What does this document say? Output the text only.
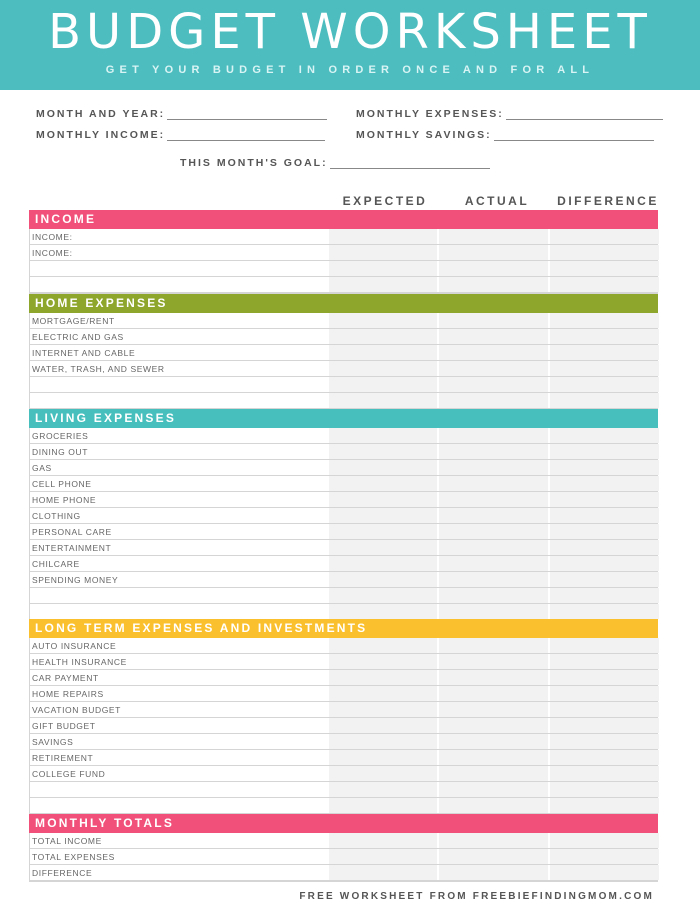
BUDGET WORKSHEET
GET YOUR BUDGET IN ORDER ONCE AND FOR ALL
MONTH AND YEAR:
MONTHLY INCOME:
MONTHLY EXPENSES:
MONTHLY SAVINGS:
THIS MONTH'S GOAL:
EXPECTED	ACTUAL	DIFFERENCE
INCOME
INCOME:
INCOME:
HOME EXPENSES
MORTGAGE/RENT
ELECTRIC AND GAS
INTERNET AND CABLE
WATER, TRASH, AND SEWER
LIVING EXPENSES
GROCERIES
DINING OUT
GAS
CELL PHONE
HOME PHONE
CLOTHING
PERSONAL CARE
ENTERTAINMENT
CHILCARE
SPENDING MONEY
LONG TERM EXPENSES AND INVESTMENTS
AUTO INSURANCE
HEALTH INSURANCE
CAR PAYMENT
HOME REPAIRS
VACATION BUDGET
GIFT BUDGET
SAVINGS
RETIREMENT
COLLEGE FUND
MONTHLY TOTALS
TOTAL INCOME
TOTAL EXPENSES
DIFFERENCE
FREE WORKSHEET FROM FREEBIEFINDINGMOM.COM
